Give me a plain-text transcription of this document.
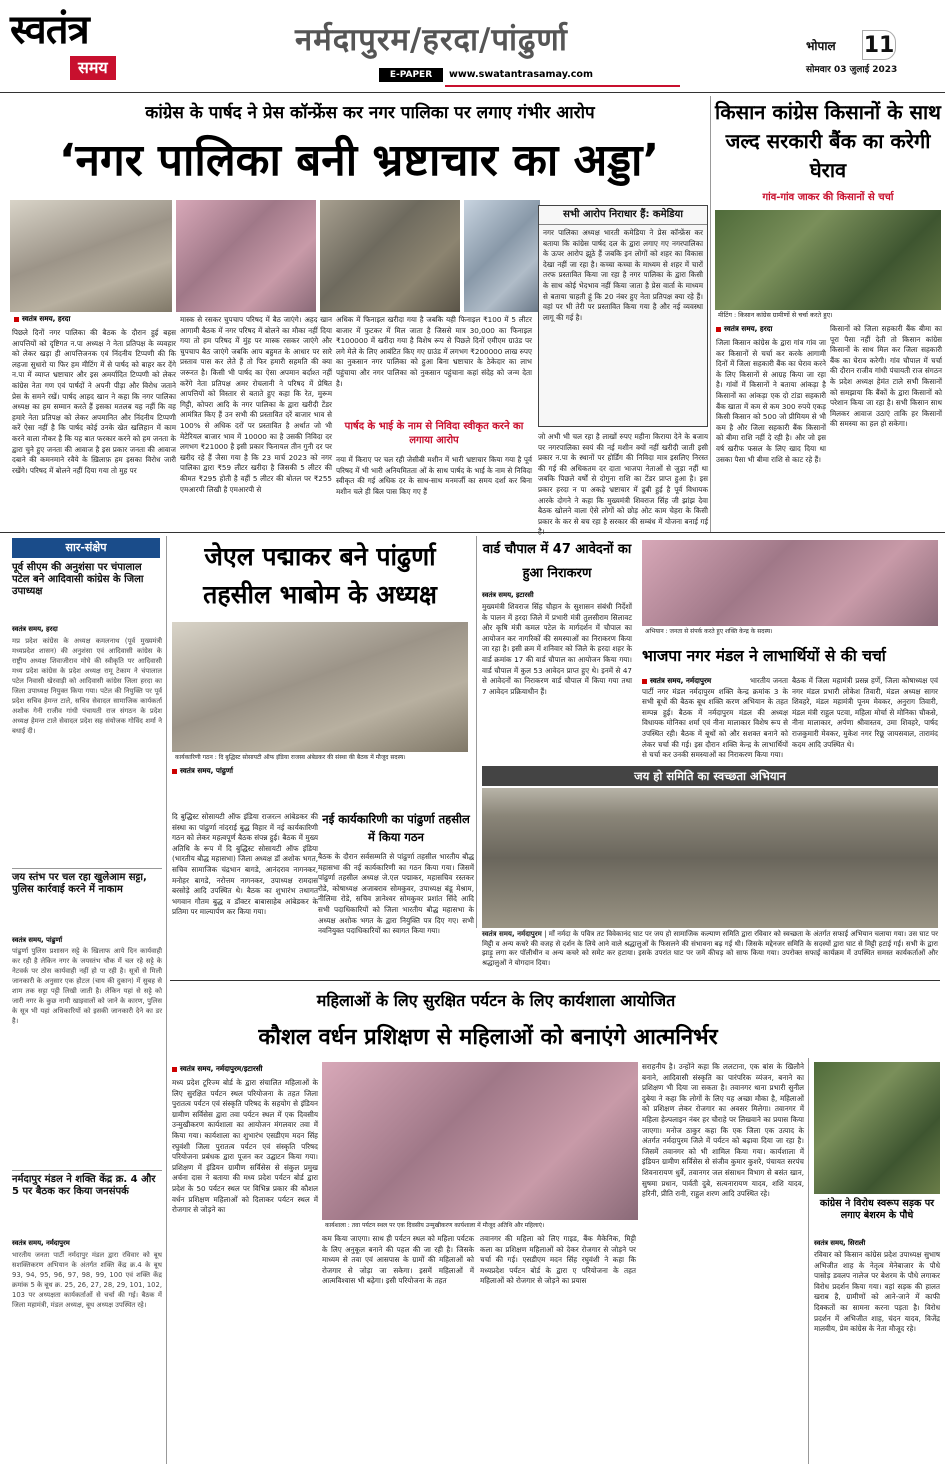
स्वतंत्र
समय
नर्मदापुरम/हरदा/पांढुर्णा
E-PAPER	www.swatantrasamay.com
भोपाल	11
सोमवार 03 जुलाई 2023
कांग्रेस के पार्षद ने प्रेस कॉन्फ्रेंस कर नगर पालिका पर लगाए गंभीर आरोप
‘नगर पालिका बनी भ्रष्टाचार का अड्डा’
स्वतंत्र समय, हरदा
पिछले दिनों नगर पालिका की बैठक के दौरान हुई बहस आपत्तियों को दृष्टिगत न.पा अध्यक्ष ने नेता प्रतिपक्ष के व्यवहार को लेकर खड़ा ही आपत्तिजनक एवं निंदनीय टिप्पणी की कि लहजा सुधारो या फिर हम मीटिंग में से पार्षद को बाहर कर देंगे न.पा में व्याप्त भ्रष्टाचार और इस अमर्यादित टिप्पणी को लेकर कांग्रेस नेता गण एवं पार्षदों ने अपनी पीड़ा और विरोध जताने प्रेस के समने रखें। पार्षद आहद खान ने कहा कि नगर पालिका अध्यक्ष का हम सम्मान करते हैं इसका मतलब यह नहीं कि वह हमारे नेता प्रतिपक्ष को लेकर अपमानित और निंदनीय टिप्पणी करें ऐसा नहीं है कि पार्षद कोई उनके खेत खलिहान में काम करने वाला नौकर है कि यह बात फरकार करने को हम जनता के द्वारा चुने हुए जनता की आवाज है इस प्रकार जनता की आवाज दबाने की कमनमाने रवैये के ख़िलाफ़ हम इसका विरोध जारी रखेंगे। परिषद में बोलने नहीं दिया गया तो मुह पर
मास्क से रसकर चुपचाप परिषद में बैठ जाएंगे। अहद खान आगामी बैठक में नगर परिषद में बोलने का मौका नहीं दिया गया तो हम परिषद में मुंह पर मास्क रसकर जाएंगे और चुपचाप बैठ जाएंगे जबकि आप बहुमत के आधार पर सारे प्रस्ताव पास कर लेते हैं तो फिर हमारी सहमति की क्या जरूरत है। किसी भी पार्षद का ऐसा अपमान बर्दाश्त नहीं करेंगे नेता प्रतिपक्ष अमर रोचलानी ने परिषद में प्रेषित आपत्तियों को विस्तार से बताते हुए कहा कि रेत, मुरूम गिट्टी, कोपरा आदि के नगर पालिका के द्वारा खरीदी टेंडर आमंत्रित किए हैं उन सभी की प्रस्तावित दरें बाजार भाव से 100% से अधिक दरों पर प्रस्तावित है अर्थात जो भी मेटेरियल बाजार भाव में 10000 का है उसकी निविदा दर लगभग ₹21000 है इसी प्रकार फिनायल तीन गुनी दर पर खरीद रहे हैं जैसा गया है कि 23 मार्च 2023 को नगर पालिका द्वारा ₹59 लीटर खरीदा है जिसकी 5 लीटर की कीमत ₹295 होती है वहीं 5 लीटर की बोतल पर ₹255 एमआरपी लिखी है एमआरपी से
अधिक में फिनाइल खरीदा गया है जबकि यही फिनाइल ₹100 में 5 लीटर बाजार में फुटकर में मिल जाता है जिससे मात्र 30,000 का फिनाइल ₹100000 में खरीदा गया है विशेष रूप से पिछले दिनों एमीएम ग्राउंड पर लगे मेले के लिए आबंटित किए गए ग्राउंड में लगभग ₹200000 लाख रुपए का नुकसान नगर पालिका को हुआ बिना भ्रष्टाचार के ठेकेदार का लाभ पहुंचाया और नगर पालिका को नुकसान पहुंचाना कहां संदेह को जन्म देता है।
पार्षद के भाई के नाम से निविदा स्वीकृत करने का लगाया आरोप
नया में किराए पर चल रही जेसीबी मशीन में भारी भ्रष्टाचार किया गया है पूर्व परिषद में भी भारी अनियमितता ओं के साथ पार्षद के भाई के नाम से निविदा स्वीकृत की गई अधिक दर के साथ-साथ मनमर्जी का समय दर्शा कर बिना मशीन चले ही बिल पास किए गए हैं
सभी आरोप निराधार हैं: कमेडिया
नगर पालिका अध्यक्ष भारती कमेडिया ने प्रेस कॉन्फ्रेंस कर बताया कि कांग्रेस पार्षद दल के द्वारा लगाए गए नगरपालिका के ऊपर आरोप झूठे हैं जबकि इन लोगों को शहर का विकास देखा नहीं जा रहा है। कच्चा कच्चा के माध्यम से शहर में चारों तरफ प्रस्तावित किया जा रहा है नगर पालिका के द्वारा किसी के साथ कोई भेदभाव नहीं किया जाता है प्रेस वार्ता के माध्यम से बताया चाहती हूं कि 20 नंबर हुए नेता प्रतिपक्ष क्या रहे हैं। वहां पर भी तेरी पर प्रस्तावित किया गया है और नई व्यवस्था लागू की गई है।
जो अभी भी चल रहा है लाखों रुपए महीना किराया देने के बजाय पर नगरपालिका स्वयं की नई मशीन क्यों नहीं खरीदी जाती इसी प्रकार न.पा के स्थानों पर होर्डिंग की निविदा मात्र इसलिए निरस्त की गई की अधिकतम दर दाता भाजपा नेताओं से जुड़ा नहीं था जबकि पिछले वर्षों से दोगुना राशि का टेंडर प्राप्त हुआ है। इस प्रकार हरदा न पा अकड़े भ्रष्टाचार में डूबी हुई है पूर्व विधायक आरके दोगने ने कहा कि मुख्यमंत्री शिवराज सिंह जी झांझ देवा बैठक खोलने वाला ऐसे लोगों को छोड़ ओट काम चेहरा के किसी प्रकार के कर से बच रहा है सरकार की सम्बंध में योजना बनाई गई
किसान कांग्रेस किसानों के साथ जल्द सरकारी बैंक का करेगी घेराव
गांव-गांव जाकर की किसानों से चर्चा
मीटिंग : किसान कांग्रेस ग्रामीणों से चर्चा करते हुए।
स्वतंत्र समय, हरदा
जिला किसान कांग्रेस के द्वारा गांव गांव जा कर किसानों से चर्चा कर करके आगामी दिनों में जिला सहकारी बैंक का घेराव करने के लिए किसानों से आग्रह किया जा रहा है। गांवों में किसानों ने बताया आंकड़ा है किसानों का आंकड़ा एक दो टांडा सहकारी बैंक खाता में कम से कम 300 रुपये एकड़ किसी किसान को 500 जो प्रीमियम से भी कम है और जिला सहकारी बैंक किसानों को बीमा राशि नहीं दे रही है। और जो इस वर्ष खरीफ फसल के लिए खाद दिया था उसका पैसा भी बीमा राशि से काट रहे हैं।
किसानों को जिला सहकारी बैंक बीमा का पूरा पैसा नहीं देती तो किसान कांग्रेस किसानों के साथ मिल कर जिला सहकारी बैंक का घेराव करेगी। गांव चौपाल में चर्चा की दौरान राजीव गांधी पंचायती राज संगठन के प्रदेश अध्यक्ष हेमंत टाले सभी किसानों को समझाया कि बैंकों के द्वारा किसानों को परेशान किया जा रहा है। सभी किसान साथ मिलकर आवाज उठाएं ताकि हर किसानों की समस्या का हल हो सकेगा।
सार-संक्षेप
पूर्व सीएम की अनुशंसा पर चंपालाल पटेल बने आदिवासी कांग्रेस के जिला उपाध्यक्ष
स्वतंत्र समय, हरदा
मप्र प्रदेश कांग्रेस के अध्यक्ष कमलनाथ (पूर्व मुख्यमंत्री मध्यप्रदेश शासन) की अनुशंसा एवं आदिवासी कांग्रेस के राष्ट्रीय अध्यक्ष शिवाजीराव मोघे की स्वीकृति पर आदिवासी मध्य प्रदेश कांग्रेस के प्रदेश अध्यक्ष रामू टेकाम ने चंपालाल पटेल निवासी खेरवाड़ी को आदिवासी कांग्रेस जिला हरदा का जिला उपाध्यक्ष नियुक्त किया गया। पटेल की नियुक्ति पर पूर्व प्रदेश सचिव हेमन्त टाले, सचिव सेवादल सामाजिक कार्यकर्ता अशोक गेनी राजीव गांधी पंचायती राज संगठन के प्रदेश अध्यक्ष हेमन्त टाले सेवादल प्रदेश सह संयोजक गोविंद शर्मा ने बधाई दी।
जय स्तंभ पर चल रहा खुलेआम सट्टा, पुलिस कार्रवाई करने में नाकाम
स्वतंत्र समय, पांढुर्णा
पांढुर्णा पुलिस प्रशासन सट्टे के खिलाफ आये दिन कार्यवाही कर रही है लेकिन नगर के जयस्तंभ चौक में चल रहे सट्टे के नेटवर्क पर ठोस कार्यवाही नहीं हो पा रही है। सूत्रों से मिली जानकारी के अनुसार एक होटल (चाय की दुकान) में सुबह से शाम तक सट्टा पट्टी लिखी जाती है। लेकिन यहां से सट्टे को जारी नगर के कुछ नामी खाइवालों को जाने के कारण, पुलिस के सूत्र भी यहां अधिकारियों को इसकी जानकारी देने का डर है।
नर्मदापुर मंडल ने शक्ति केंद्र क्र. 4 और 5 पर बैठक कर किया जनसंपर्क
स्वतंत्र समय, नर्मदापुरम
भारतीय जनता पार्टी नर्मदापुर मंडल द्वारा रविवार को बूथ सशक्तिकरण अभियान के अंतर्गत शक्ति केंद्र क्र.4 के बूथ 93, 94, 95, 96, 97, 98, 99, 100 एवं शक्ति केंद्र क्रमांक 5 के बूथ क्र. 25, 26, 27, 28, 29, 101, 102, 103 पर अध्यक्षता कार्यकर्ताओं से चर्चा की गई। बैठक में जिला महामंत्री, मंडल अध्यक्ष, बूथ अध्यक्ष उपस्थित रहे।
जेएल पद्माकर बने पांढुर्णा तहसील भाबोम के अध्यक्ष
कार्यकारिणी गठन : दि बुद्धिस्ट सोसायटी ऑफ इंडिया राजस्व अंबेडकर की संस्था की बैठक में मौजूद सदस्य।
स्वतंत्र समय, पांढुर्णा
नई कार्यकारिणी का पांढुर्णा तहसील में किया गठन
दि बुद्धिस्ट सोसायटी ऑफ इंडिया राजरत्न आंबेडकर की संस्था का पांढुर्णा नांदराई बुद्ध विहार में नई कार्यकारिणी गठन को लेकर महत्वपूर्ण बैठक संपन्न हुई। बैठक में मुख्य अतिथि के रूप में दि बुद्धिस्ट सोसायटी ऑफ इंडिया (भारतीय बौद्ध महासभा) जिला अध्यक्ष डॉ अशोक भगत, सचिव सामाजिक चंद्रभान बागडे, आनंदराव नागनकर, मनोहर बागडे, नरोत्तम नागनकर, उपाध्यक्ष रामदास बरसोड़े आदि उपस्थित थे। बैठक का शुभारंभ तथागत भगवान गौतम बुद्ध व डॉक्टर बाबासाहेब आंबेडकर के प्रतिमा पर माल्यार्पण कर किया गया।
बैठक के दौरान सर्वसम्मति से पांढुर्णा तहसील भारतीय बौद्ध महासभा की नई कार्यकारिणी का गठन किया गया। जिसमें पांढुर्णा तहसील अध्यक्ष जे.एल पद्माकर, महासचिव रस्तकर रोडे, कोषाध्यक्ष अजाबराव सोमकुवर, उपाध्यक्ष बंडू मेश्राम, नीलिमा रोडे, सचिव ज्ञानेश्वर सोमकुवर प्रशांत सिंदे आदि सभी पदाधिकारियों को जिला भारतीय बौद्ध महासभा के अध्यक्ष अशोक भगत के द्वारा नियुक्ति पत्र दिए गए। सभी नवनियुक्त पदाधिकारियों का स्वागत किया गया।
वार्ड चौपाल में 47 आवेदनों का हुआ निराकरण
स्वतंत्र समय, इटारसी
मुख्यमंत्री शिवराज सिंह चौहान के सुशासन संबंधी निर्देशों के पालन में हरदा जिले में प्रभारी मंत्री तुलसीराम सिलावट और कृषि मंत्री कमल पटेल के मार्गदर्शन में चौपाल का आयोजन कर नागरिकों की समस्याओं का निराकरण किया जा रहा है। इसी क्रम में शनिवार को जिले के हरदा शहर के वार्ड क्रमांक 17 की वार्ड चौपाल का आयोजन किया गया। वार्ड चौपाल में कुल 53 आवेदन प्राप्त हुए थे। इनमें से 47 से आवेदनों का निराकरण वार्ड चौपाल में किया गया तथा 7 आवेदन प्रक्रियाधीन हैं।
अभियान : जनता से संपर्क करते हुए शक्ति केन्द्र के सदस्य।
भाजपा नगर मंडल ने लाभार्थियों से की चर्चा
स्वतंत्र समय, नर्मदापुरम	भारतीय जनता पार्टी नगर मंडल नर्मदापुरम शक्ति केन्द्र क्रमांक 3 के सभी बूथों की बैठक बूथ शक्ति करण अभियान के तहत सम्पन्न हुई। बैठक में नर्मदापुरम मंडल की अध्यक्ष विधायक मोनिका शर्मा एवं नीना मालाकार विशेष रूप से उपस्थित रही। बैठक में बूथों को और सशक्त बनाने को लेकर चर्चा की गई। इस दौरान शक्ति केन्द्र के लाभार्थियों से चर्चा कर उनकी समस्याओं का निराकरण किया गया।
बैठक में जिला महामंत्री प्रसन्न हर्णे, जिला कोषाध्यक्ष एवं नगर मंडल प्रभारी लोकेश तिवारी, मंडल अध्यक्ष सागर शिवहरे, मंडल महामंत्री पूनम मेवकर, अनुराग तिवारी, मंडल मंत्री राहुल पटवा, महिला मोर्चा से मोनिका चौकसे, नीना मालाकार, अर्पणा श्रीवास्तव, उमा शिवहरे, पार्षद राजकुमारी मेवकर, मुकेश नगर रिछू जायसवाल, तारामंद कदम आदि उपस्थित थे।
जय हो समिति का स्वच्छता अभियान
स्वतंत्र समय, नर्मदापुरम | माँ नर्मदा के पवित्र तट विवेकानंद घाट पर जय हो सामाजिक कल्याण समिति द्वारा रविवार को स्वच्छता के अंतर्गत सफाई अभियान चलाया गया। उस घाट पर मिट्टी व अन्य कचरे की वजह से दर्शन के लिये आने वाले श्रद्धालुओं के फिसलने की संभावना बढ़ गई थी। जिसके मद्देनजर समिति के सदस्यों द्वारा घाट से मिट्टी हटाई गई। सभी के द्वारा झाड़ू लगा कर पॉलीथीन व अन्य कचरे को समेट कर हटाया। इसके उपरांत घाट पर जमें कीचड़ को साफ किया गया। उपरोक्त सफाई कार्यक्रम में उपस्थित समस्त कार्यकर्ताओं और श्रद्धालुओं ने योगदान दिया।
महिलाओं के लिए सुरक्षित पर्यटन के लिए कार्यशाला आयोजित
कौशल वर्धन प्रशिक्षण से महिलाओं को बनाएंगे आत्मनिर्भर
स्वतंत्र समय, नर्मदापुरम/इटारसी
मध्य प्रदेश टूरिज्म बोर्ड के द्वारा संचालित महिलाओं के लिए सुरक्षित पर्यटन स्थल परियोजना के तहत जिला पुरातत्व पर्यटन एवं संस्कृति परिषद के सहयोग से इंडियन ग्रामीण सर्विसेस द्वारा तवा पर्यटन स्थल में एक दिवसीय उन्मुखीकरण कार्यशाला का आयोजन मंगलवार तवा में किया गया। कार्यशाला का शुभारंभ एसडीएम मदन सिंह रघुवंशी जिला पुरातत्व पर्यटन एवं संस्कृति परिषद परियोजना प्रबंधक द्वारा पूजन कर उद्घाटन किया गया। प्रशिक्षण में इंडियन ग्रामीण सर्विसेस से संकुल प्रमुख अर्चना दास ने बताया की मध्य प्रदेश पर्यटन बोर्ड द्वारा प्रदेश के 50 पर्यटन स्थल पर विभिन्न प्रकार की कौशल वर्धन प्रशिक्षण महिलाओं को दिलाकर पर्यटन स्थल में रोजगार से जोड़ने का
कार्यशाला : तवा पर्यटन स्थल पर एक दिवसीय उन्मुखीकरण कार्यशाला में मौजूद अतिथि और महिलाएं।
कम किया जाएगा। साथ ही पर्यटन स्थल को महिला पर्यटक के लिए अनुकूल बनाने की पहल की जा रही है। जिसके माध्यम से तवा एवं आसपास के ग्रामों की महिलाओं को रोजगार से जोड़ा जा सकेगा। इसमें महिलाओं में आत्मविश्वास भी बढ़ेगा। इसी परियोजना के तहत
तवानगर की महिला को लिए गाइड, बैंक मैकेनिक, मिट्टी कला का प्रशिक्षण महिलाओं को देकर रोजगार से जोड़ने पर चर्चा की गई। एसडीएम मदन सिंह रघुवंशी ने कहा कि मध्यप्रदेश पर्यटन बोर्ड के द्वारा ए परियोजना के तहत महिलाओं को रोजगार से जोड़ने का प्रयास
सराहनीय है। उन्होंने कहा कि ललटाना, एक बांस के खिलौने बनाने, आदिवासी संस्कृति का पारंपरिक व्यंजन, बनाने का प्रशिक्षण भी दिया जा सकता है। तवानगर थाना प्रभारी सुनील दुबेया ने कहा कि लोगों के लिए यह अच्छा मौका है, महिलाओं को प्रशिक्षण लेकर रोजगार का अवसर मिलेगा। तवानगर में महिला हेल्पलाइन नंबर हर चौराहे पर लिखवाने का प्रयास किया जाएगा। मनोज ठाकुर कहा कि एक जिला एक उत्पाद के अंतर्गत नर्मदापुरम जिले में पर्यटन को बढ़ावा दिया जा रहा है। जिसमें तवानगर को भी शामिल किया गया। कार्यशाला में इंडियन ग्रामीण सर्विसेस से संजीव कुमार कुशरे, पंचायत सरपंच शिवनारायण धुर्वे, तवानगर जल संसाधन विभाग से बसंत खान, सुषमा प्रधान, पार्वती दुबे, सत्यनारायण यादव, शशि यादव, हरिनी, प्रीति रानी, राहुल शरण आदि उपस्थित रहे।
कांग्रेस ने विरोध स्वरूप सड़क पर लगाए बेशरम के पौधे
स्वतंत्र समय, सिराली
रविवार को किसान कांग्रेस प्रदेश उपाध्यक्ष सुभाष अभिजीत शाह के नेतृत्व मेनेबाजार के पौधे पासोड़ डवलप नालेज पर बेशरम के पौधे लगाकर विरोध प्रदर्शन किया गया। वहां सड़क की हालत खराब है, ग्रामीणों को आने-जाने में काफी दिक्कतों का सामना करना पड़ता है। विरोध प्रदर्शन में अभिजीत शाह, चंदन यादव, विजेंद्र मालवीय, प्रेम कांग्रेस के नेता मौजूद रहे।
